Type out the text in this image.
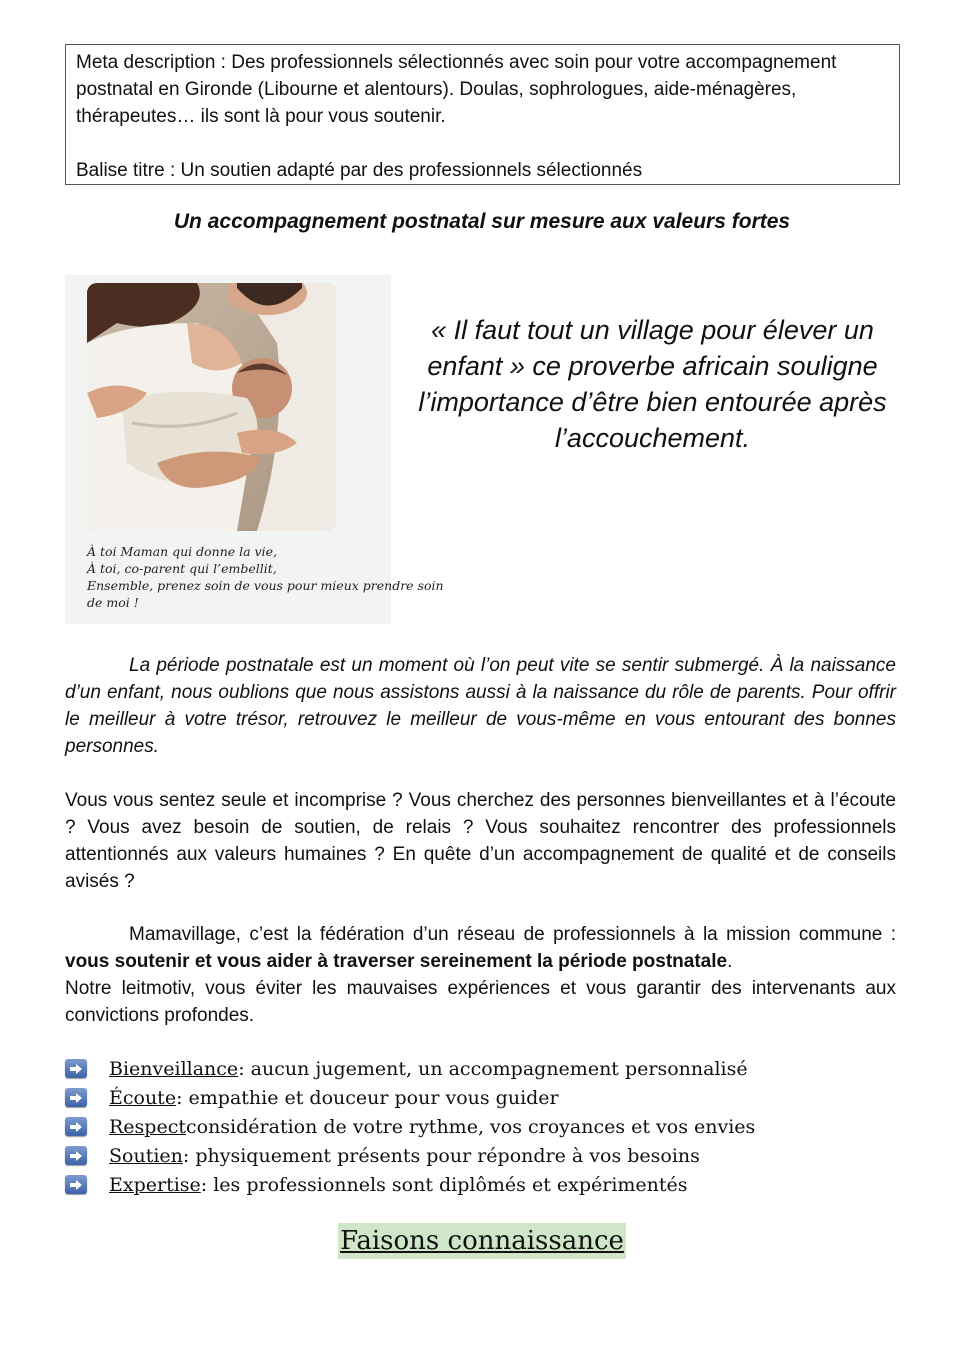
Meta description : Des professionnels sélectionnés avec soin pour votre accompagnement postnatal en Gironde (Libourne et alentours). Doulas, sophrologues, aide-ménagères, thérapeutes… ils sont là pour vous soutenir.

Balise titre : Un soutien adapté par des professionnels sélectionnés

Un accompagnement postnatal sur mesure aux valeurs fortes
À toi Maman qui donne la vie,
À toi, co-parent qui l’embellit,
Ensemble, prenez soin de vous pour mieux prendre soin
de moi !
« Il faut tout un village pour élever un enfant » ce proverbe africain souligne l’importance d’être bien entourée après l’accouchement.

La période postnatale est un moment où l’on peut vite se sentir submergé. À la naissance d’un enfant, nous oublions que nous assistons aussi à la naissance du rôle de parents. Pour offrir le meilleur à votre trésor, retrouvez le meilleur de vous-même en vous entourant des bonnes personnes.

Vous vous sentez seule et incomprise ? Vous cherchez des personnes bienveillantes et à l’écoute ? Vous avez besoin de soutien, de relais ? Vous souhaitez rencontrer des professionnels attentionnés aux valeurs humaines ? En quête d’un accompagnement de qualité et de conseils avisés ?

Mamavillage, c’est la fédération d’un réseau de professionnels à la mission commune : vous soutenir et vous aider à traverser sereinement la période postnatale.
Notre leitmotiv, vous éviter les mauvaises expériences et vous garantir des intervenants aux convictions profondes.

Bienveillance : aucun jugement, un accompagnement personnalisé
Écoute : empathie et douceur pour vous guider
Respect considération de votre rythme, vos croyances et vos envies
Soutien : physiquement présents pour répondre à vos besoins
Expertise : les professionnels sont diplômés et expérimentés
Faisons connaissance
